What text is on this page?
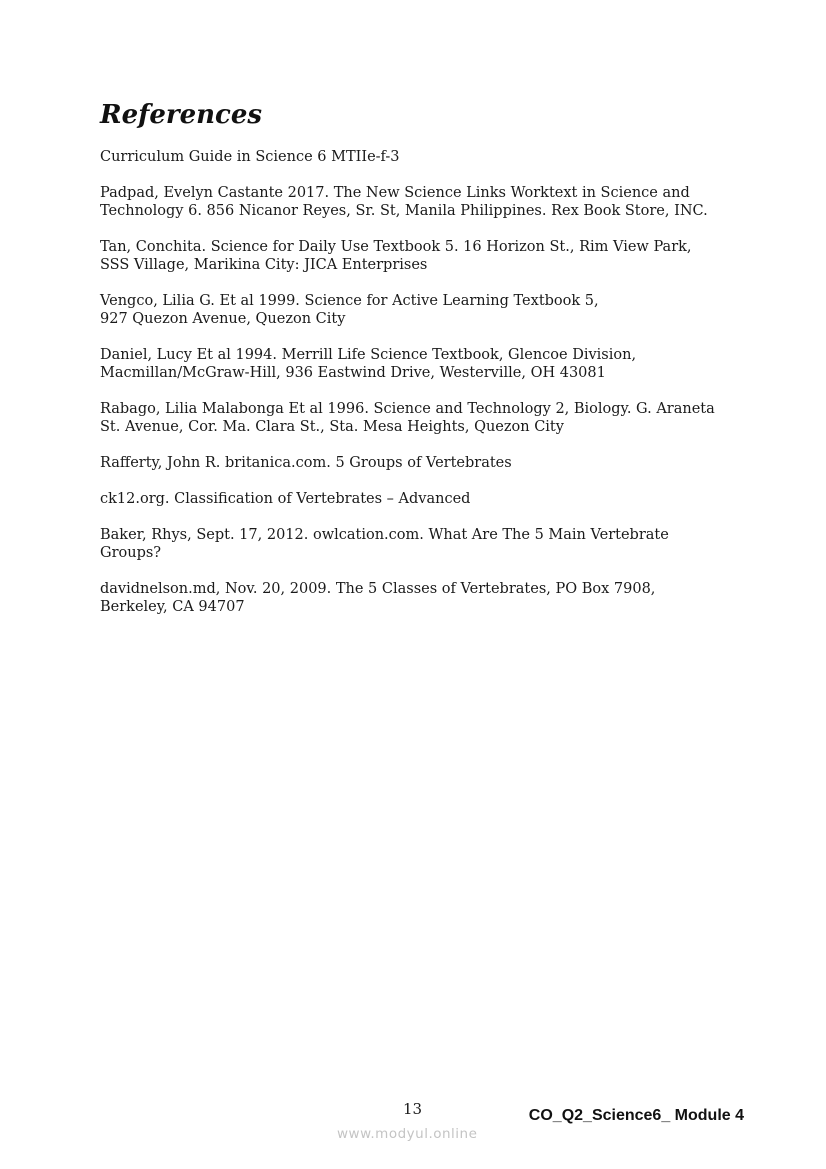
References
Curriculum Guide in Science 6 MTIIe-f-3
Padpad, Evelyn Castante 2017. The New Science Links Worktext in Science and
Technology 6. 856 Nicanor Reyes, Sr. St, Manila Philippines. Rex Book Store, INC.
Tan, Conchita. Science for Daily Use Textbook 5. 16 Horizon St., Rim View Park,
SSS Village, Marikina City: JICA Enterprises
Vengco, Lilia G. Et al 1999. Science for Active Learning Textbook 5,
927 Quezon Avenue, Quezon City
Daniel, Lucy Et al 1994. Merrill Life Science Textbook, Glencoe Division,
Macmillan/McGraw-Hill, 936 Eastwind Drive, Westerville, OH 43081
Rabago, Lilia Malabonga Et al 1996. Science and Technology 2, Biology. G. Araneta
St. Avenue, Cor. Ma. Clara St., Sta. Mesa Heights, Quezon City
Rafferty, John R. britanica.com. 5 Groups of Vertebrates
ck12.org. Classification of Vertebrates – Advanced
Baker, Rhys, Sept. 17, 2012. owlcation.com. What Are The 5 Main Vertebrate
Groups?
davidnelson.md, Nov. 20, 2009. The 5 Classes of Vertebrates, PO Box 7908,
Berkeley, CA 94707
13	CO_Q2_Science6_ Module 4
www.modyul.online
